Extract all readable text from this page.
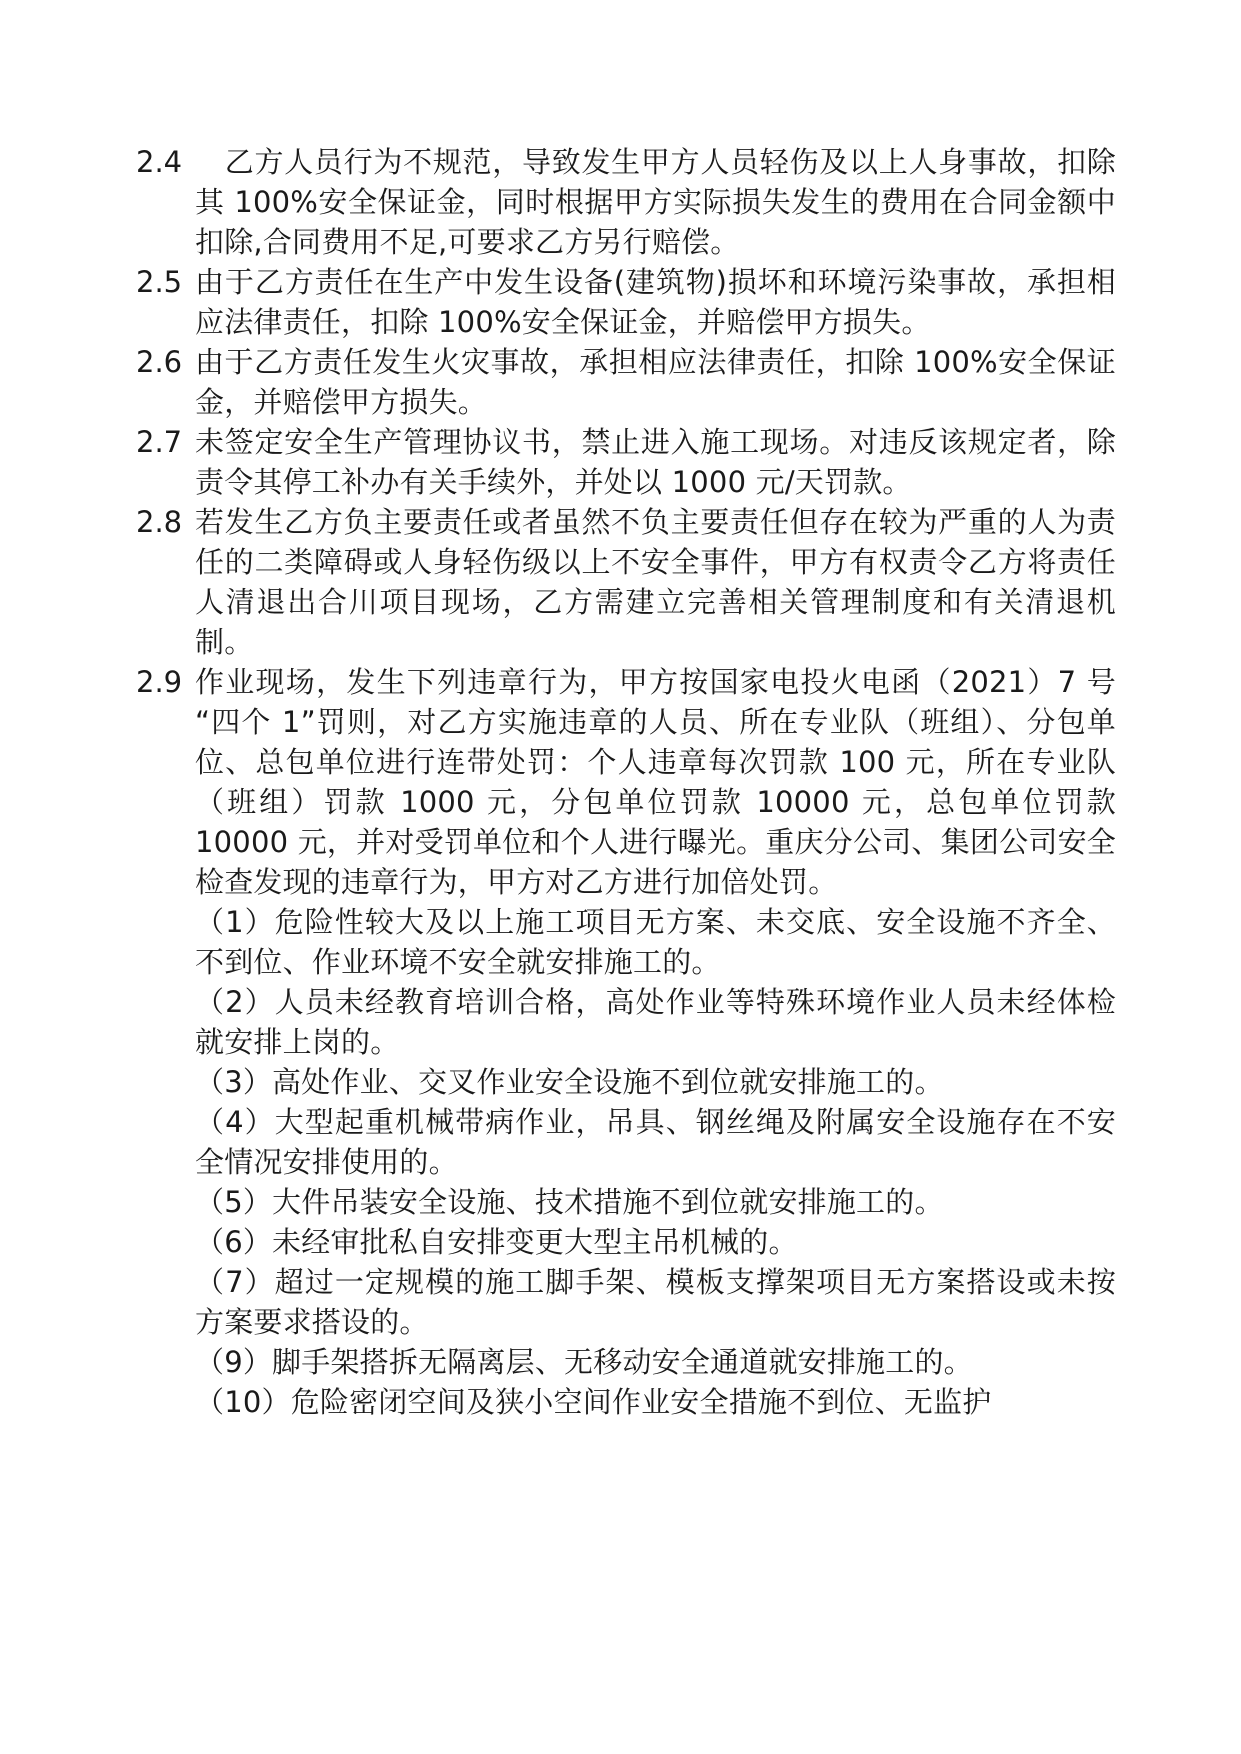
2.4 　乙方人员行为不规范，导致发生甲方人员轻伤及以上人身事故，扣除其 100%安全保证金，同时根据甲方实际损失发生的费用在合同金额中扣除,合同费用不足,可要求乙方另行赔偿。

2.5 由于乙方责任在生产中发生设备(建筑物)损坏和环境污染事故，承担相应法律责任，扣除 100%安全保证金，并赔偿甲方损失。

2.6 由于乙方责任发生火灾事故，承担相应法律责任，扣除 100%安全保证金，并赔偿甲方损失。

2.7 未签定安全生产管理协议书，禁止进入施工现场。对违反该规定者，除责令其停工补办有关手续外，并处以 1000 元/天罚款。

2.8 若发生乙方负主要责任或者虽然不负主要责任但存在较为严重的人为责任的二类障碍或人身轻伤级以上不安全事件，甲方有权责令乙方将责任人清退出合川项目现场，乙方需建立完善相关管理制度和有关清退机制。

2.9 作业现场，发生下列违章行为，甲方按国家电投火电函（2021）7 号 “四个 1”罚则，对乙方实施违章的人员、所在专业队（班组）、分包单位、总包单位进行连带处罚：个人违章每次罚款 100 元，所在专业队（班组）罚款 1000 元，分包单位罚款 10000 元，总包单位罚款 10000 元，并对受罚单位和个人进行曝光。重庆分公司、集团公司安全检查发现的违章行为，甲方对乙方进行加倍处罚。

（1）危险性较大及以上施工项目无方案、未交底、安全设施不齐全、不到位、作业环境不安全就安排施工的。

（2）人员未经教育培训合格，高处作业等特殊环境作业人员未经体检就安排上岗的。

（3）高处作业、交叉作业安全设施不到位就安排施工的。

（4）大型起重机械带病作业，吊具、钢丝绳及附属安全设施存在不安全情况安排使用的。

（5）大件吊装安全设施、技术措施不到位就安排施工的。

（6）未经审批私自安排变更大型主吊机械的。

（7）超过一定规模的施工脚手架、模板支撑架项目无方案搭设或未按方案要求搭设的。

（9）脚手架搭拆无隔离层、无移动安全通道就安排施工的。

（10）危险密闭空间及狭小空间作业安全措施不到位、无监护
